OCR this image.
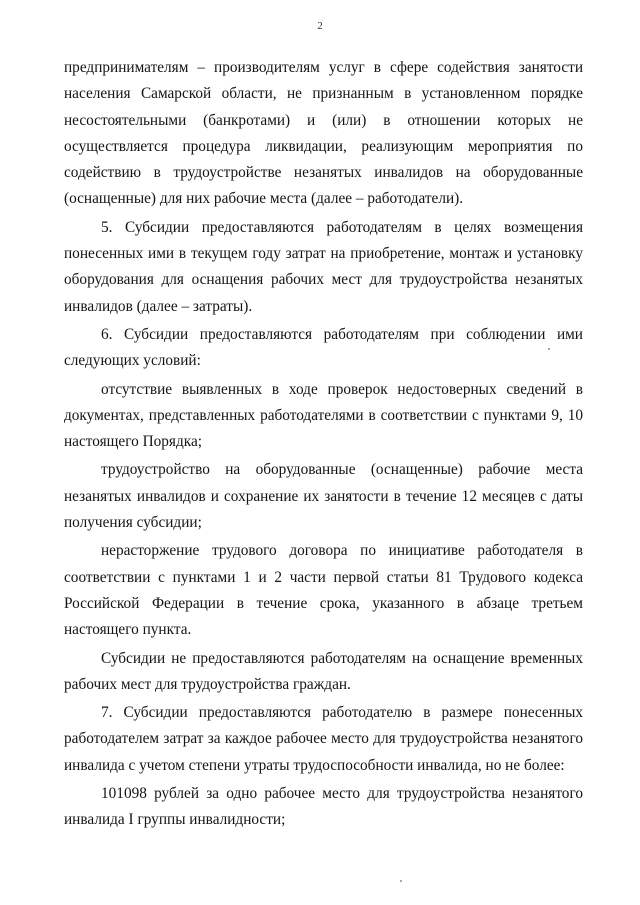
2

предпринимателям – производителям услуг в сфере содействия занятости населения Самарской области, не признанным в установленном порядке несостоятельными (банкротами) и (или) в отношении которых не осуществляется процедура ликвидации, реализующим мероприятия по содействию в трудоустройстве незанятых инвалидов на оборудованные (оснащенные) для них рабочие места (далее – работодатели).

5. Субсидии предоставляются работодателям в целях возмещения понесенных ими в текущем году затрат на приобретение, монтаж и установку оборудования для оснащения рабочих мест для трудоустройства незанятых инвалидов (далее – затраты).

6. Субсидии предоставляются работодателям при соблюдении ими следующих условий:

отсутствие выявленных в ходе проверок недостоверных сведений в документах, представленных работодателями в соответствии с пунктами 9, 10 настоящего Порядка;

трудоустройство на оборудованные (оснащенные) рабочие места незанятых инвалидов и сохранение их занятости в течение 12 месяцев с даты получения субсидии;

нерасторжение трудового договора по инициативе работодателя в соответствии с пунктами 1 и 2 части первой статьи 81 Трудового кодекса Российской Федерации в течение срока, указанного в абзаце третьем настоящего пункта.

Субсидии не предоставляются работодателям на оснащение временных рабочих мест для трудоустройства граждан.

7. Субсидии предоставляются работодателю в размере понесенных работодателем затрат за каждое рабочее место для трудоустройства незанятого инвалида с учетом степени утраты трудоспособности инвалида, но не более:

101098 рублей за одно рабочее место для трудоустройства незанятого инвалида I группы инвалидности;
